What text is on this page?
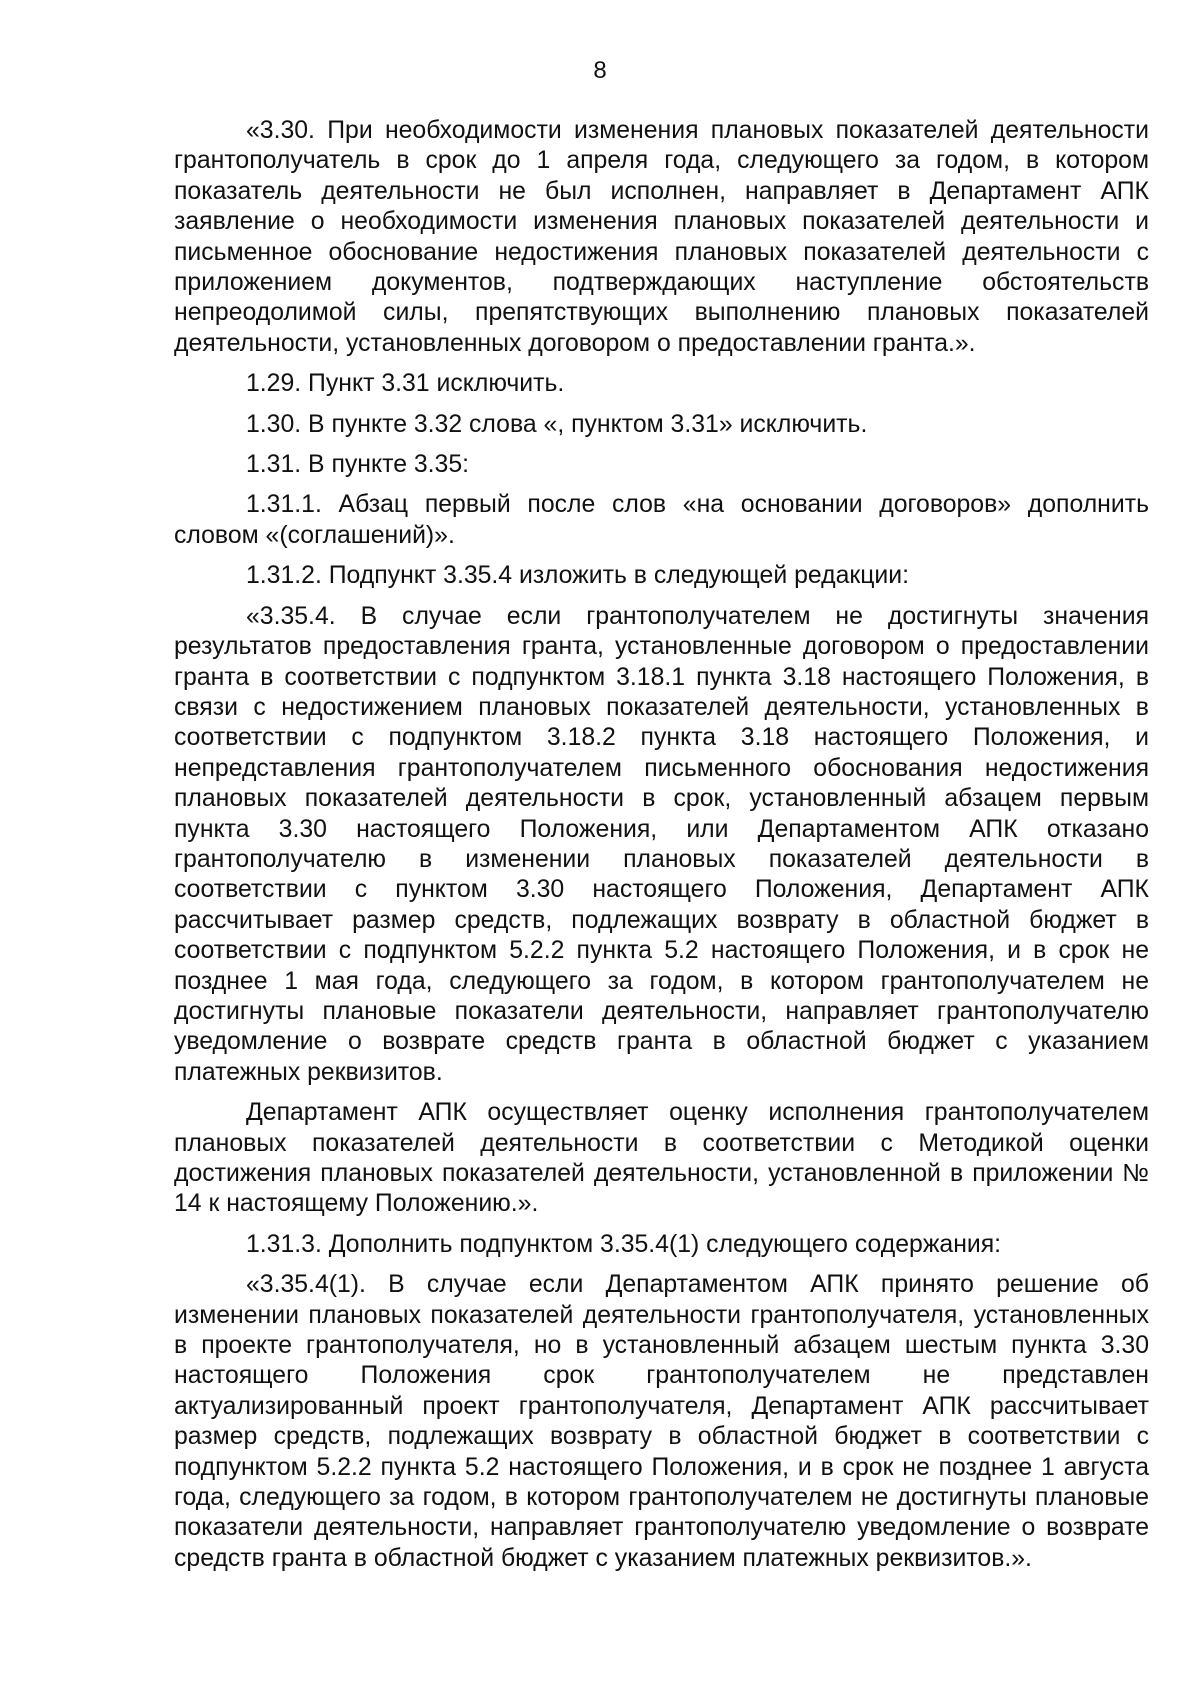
8

«3.30. При необходимости изменения плановых показателей деятельности грантополучатель в срок до 1 апреля года, следующего за годом, в котором показатель деятельности не был исполнен, направляет в Департамент АПК заявление о необходимости изменения плановых показателей деятельности и письменное обоснование недостижения плановых показателей деятельности с приложением документов, подтверждающих наступление обстоятельств непреодолимой силы, препятствующих выполнению плановых показателей деятельности, установленных договором о предоставлении гранта.».

1.29. Пункт 3.31 исключить.

1.30. В пункте 3.32 слова «, пунктом 3.31» исключить.

1.31. В пункте 3.35:

1.31.1. Абзац первый после слов «на основании договоров» дополнить словом «(соглашений)».

1.31.2. Подпункт 3.35.4 изложить в следующей редакции:

«3.35.4. В случае если грантополучателем не достигнуты значения результатов предоставления гранта, установленные договором о предоставлении гранта в соответствии с подпунктом 3.18.1 пункта 3.18 настоящего Положения, в связи с недостижением плановых показателей деятельности, установленных в соответствии с подпунктом 3.18.2 пункта 3.18 настоящего Положения, и непредставления грантополучателем письменного обоснования недостижения плановых показателей деятельности в срок, установленный абзацем первым пункта 3.30 настоящего Положения, или Департаментом АПК отказано грантополучателю в изменении плановых показателей деятельности в соответствии с пунктом 3.30 настоящего Положения, Департамент АПК рассчитывает размер средств, подлежащих возврату в областной бюджет в соответствии с подпунктом 5.2.2 пункта 5.2 настоящего Положения, и в срок не позднее 1 мая года, следующего за годом, в котором грантополучателем не достигнуты плановые показатели деятельности, направляет грантополучателю уведомление о возврате средств гранта в областной бюджет с указанием платежных реквизитов.

Департамент АПК осуществляет оценку исполнения грантополучателем плановых показателей деятельности в соответствии с Методикой оценки достижения плановых показателей деятельности, установленной в приложении № 14 к настоящему Положению.».

1.31.3. Дополнить подпунктом 3.35.4(1) следующего содержания:

«3.35.4(1). В случае если Департаментом АПК принято решение об изменении плановых показателей деятельности грантополучателя, установленных в проекте грантополучателя, но в установленный абзацем шестым пункта 3.30 настоящего Положения срок грантополучателем не представлен актуализированный проект грантополучателя, Департамент АПК рассчитывает размер средств, подлежащих возврату в областной бюджет в соответствии с подпунктом 5.2.2 пункта 5.2 настоящего Положения, и в срок не позднее 1 августа года, следующего за годом, в котором грантополучателем не достигнуты плановые показатели деятельности, направляет грантополучателю уведомление о возврате средств гранта в областной бюджет с указанием платежных реквизитов.».
